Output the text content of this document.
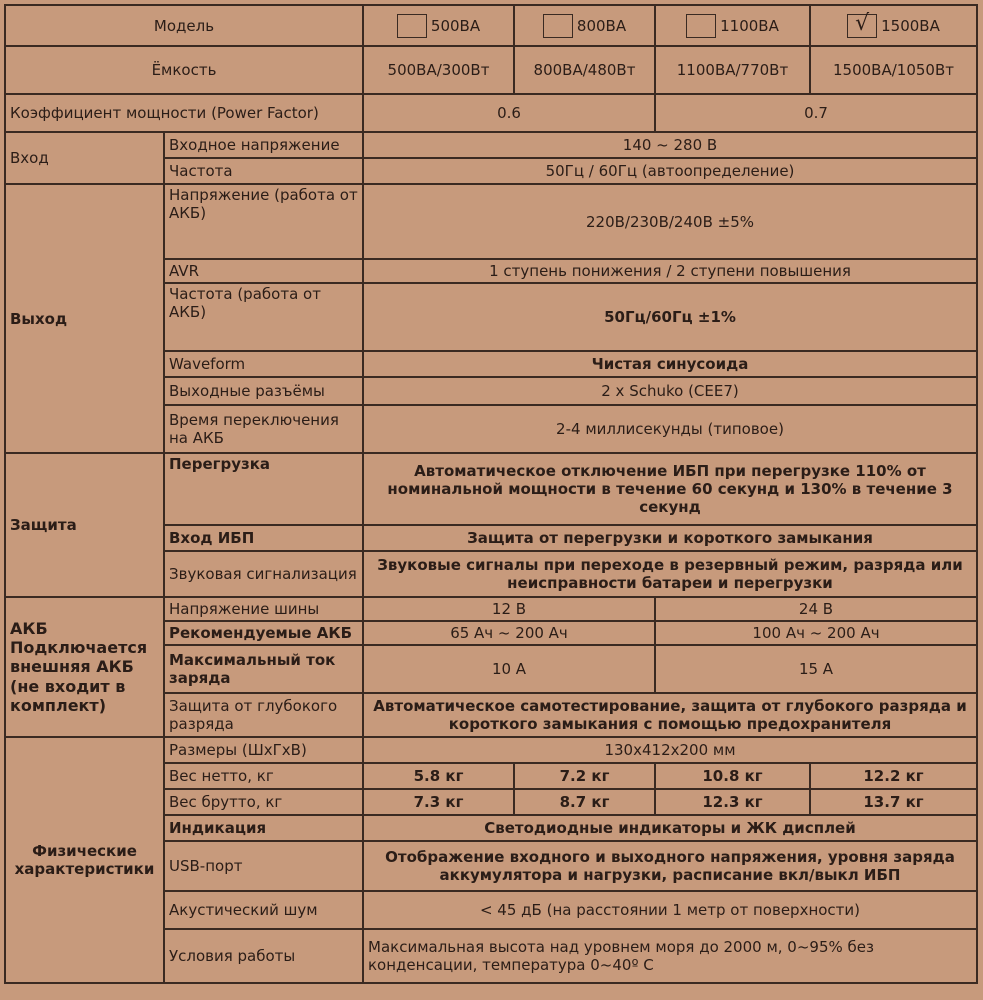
Модель		500ВА	800ВА	1100ВА	√ 1500ВА
Ёмкость		500ВА/300Вт	800ВА/480Вт	1100ВА/770Вт	1500ВА/1050Вт
Коэффициент мощности (Power Factor)		0.6		0.7	
Вход	Входное напряжение	140 ~ 280 В			
	Частота	50Гц / 60Гц (автоопределение)			
Выход	Напряжение (работа от АКБ)	220В/230В/240В ±5%			
	AVR	1 ступень понижения / 2 ступени повышения			
	Частота (работа от АКБ)	50Гц/60Гц ±1%			
	Waveform	Чистая синусоида			
	Выходные разъёмы	2 x Schuko (CEE7)			
	Время переключения на АКБ	2-4 миллисекунды (типовое)			
Защита	Перегрузка	Автоматическое отключение ИБП при перегрузке 110% от номинальной мощности в течение 60 секунд и 130% в течение 3 секунд			
	Вход ИБП	Защита от перегрузки и короткого замыкания			
	Звуковая сигнализация	Звуковые сигналы при переходе в резервный режим, разряда или неисправности батареи и перегрузки			
АКБ Подключается внешняя АКБ (не входит в комплект)	Напряжение шины	12 В		24 В	
	Рекомендуемые АКБ	65 Ач ~ 200 Ач		100 Ач ~ 200 Ач	
	Максимальный ток заряда	10 А		15 А	
	Защита от глубокого разряда	Автоматическое самотестирование, защита от глубокого разряда и короткого замыкания с помощью предохранителя			
Физические характеристики	Размеры (ШхГхВ)	130x412x200 мм			
	Вес нетто, кг	5.8 кг	7.2 кг	10.8 кг	12.2 кг
	Вес брутто, кг	7.3 кг	8.7 кг	12.3 кг	13.7 кг
	Индикация	Светодиодные индикаторы и ЖК дисплей			
	USB-порт	Отображение входного и выходного напряжения, уровня заряда аккумулятора и нагрузки, расписание вкл/выкл ИБП			
	Акустический шум	< 45 дБ (на расстоянии 1 метр от поверхности)			
	Условия работы	Максимальная высота над уровнем моря до 2000 м, 0~95% без конденсации, температура 0~40º С			
